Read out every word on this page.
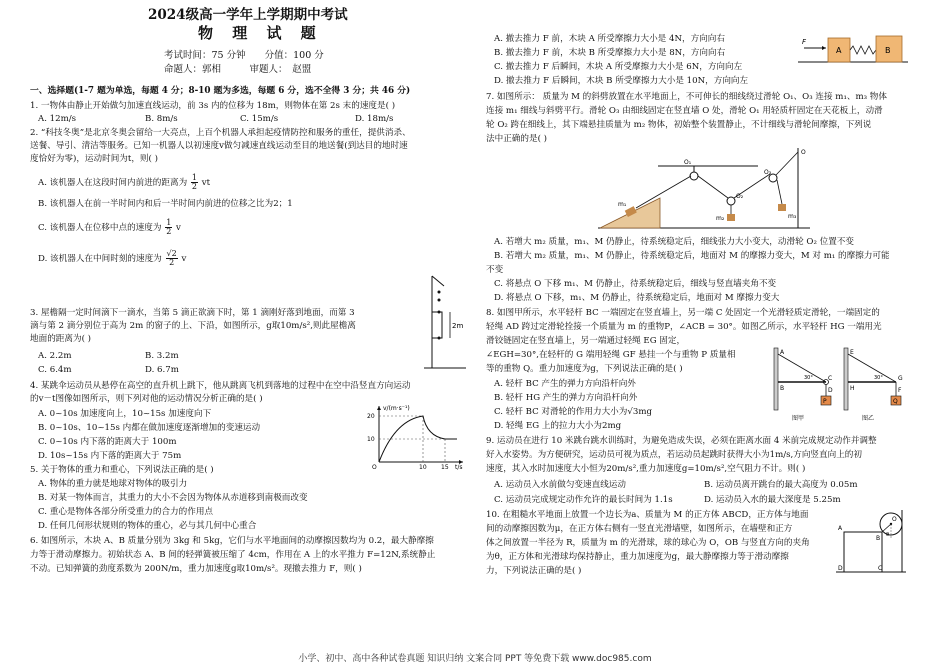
2024级高一学年上学期期中考试
物 理 试 题
考试时间：75 分钟　　分值：100 分
命题人：郭相　　　审题人：　赵盟
一、选择题(1-7 题为单选，每题 4 分；8-10 题为多选，每题 6 分，选不全得 3 分；共 46 分)
1. 一物体由静止开始做匀加速直线运动，前 3s 内的位移为 18m，则物体在第 2s 末的速度是( )
A. 12m/s	B. 8m/s	C. 15m/s	D. 18m/s
2. “科技冬奥”是北京冬奥会留给一大亮点，上百个机器人承担起疫情防控和服务的重任，提供消杀、
送餐、导引、清洁等服务。已知一机器人以初速度v做匀减速直线运动至目的地送餐(到达目的地时速
度恰好为零)，运动时间为t，则( )
A. 该机器人在这段时间内前进的距离为 $\frac{1}{2}$ vt
B. 该机器人在前一半时间内和后一半时间内前进的位移之比为2；1
C. 该机器人在位移中点的速度为 $\frac{1}{2}$ v
D. 该机器人在中间时刻的速度为 $\frac{√2}{2}$ v
2m
3. 屋檐隔一定时间滴下一滴水，当第 5 滴正欲滴下时，第 1 滴刚好落到地面，而第 3
滴与第 2 滴分别位于高为 2m 的窗子的上、下沿，如图所示，g取10m/s²,则此屋檐离
地面的距离为( )
A. 2.2m	B. 3.2m
C. 6.4m	D. 6.7m
4. 某跳伞运动员从悬停在高空的直升机上跳下，他从跳离飞机到落地的过程中在空中沿竖直方向运动
的v－t图像如图所示，则下列对他的运动情况分析正确的是( )
A. 0~10s 加速度向上，10~15s 加速度向下
B. 0~10s、10~15s 内都在做加速度逐渐增加的变速运动
C. 0~10s 内下落的距离大于 100m
D. 10s~15s 内下落的距离大于 75m
v/(m·s⁻¹)
20
10
O	10 15 t/s
5. 关于物体的重力和重心，下列说法正确的是( )
A. 物体的重力就是地球对物体的吸引力
B. 对某一物体而言，其重力的大小不会因为物体从赤道移到南极而改变
C. 重心是物体各部分所受重力的合力的作用点
D. 任何几何形状规则的物体的重心，必与其几何中心重合
6. 如图所示，木块 A、B 质量分别为 3kg 和 5kg，它们与水平地面间的动摩擦因数均为 0.2，最大静摩擦
力等于滑动摩擦力。初始状态 A、B 间的轻弹簧被压缩了 4cm，作用在 A 上的水平推力 F=12N,系统静止
不动。已知弹簧的劲度系数为 200N/m，重力加速度g取10m/s²。现撤去推力 F，则( )
A. 撤去推力 F 前，木块 A 所受摩擦力大小是 4N，方向向右
B. 撤去推力 F 前，木块 B 所受摩擦力大小是 8N，方向向右
C. 撤去推力 F 后瞬间，木块 A 所受摩擦力大小是 6N，方向向左
D. 撤去推力 F 后瞬间，木块 B 所受摩擦力大小是 10N，方向向左
F
A	B
7. 如图所示： 质量为 M 的斜劈放置在水平地面上，不可伸长的细线绕过滑轮 O₁、O₃ 连接 m₁、m₃ 物体
连接 m₁ 细线与斜劈平行。滑轮 O₃ 由细线固定在竖直墙 O 处，滑轮 O₁ 用轻质杆固定在天花板上，动滑
轮 O₂ 跨在细线上，其下端悬挂质量为 m₂ 物体，初始整个装置静止，不计细线与滑轮间摩擦，下列说
法中正确的是( )
O₁
O₂
O₃
O
m₁
m₂	m₃
A. 若增大 m₂ 质量，m₁、M 仍静止，待系统稳定后，细线张力大小变大，动滑轮 O₂ 位置不变
B. 若增大 m₂ 质量，m₁、M 仍静止，待系统稳定后，地面对 M 的摩擦力变大，M 对 m₁ 的摩擦力可能
不变
C. 将悬点 O 下移 m₁、M 仍静止，待系统稳定后，细线与竖直墙夹角不变
D. 将悬点 O 下移，m₁、M 仍静止，待系统稳定后，地面对 M 摩擦力变大
8. 如图甲所示，水平轻杆 BC 一端固定在竖直墙上，另一端 C 处固定一个光滑轻质定滑轮，一端固定的
轻绳 AD 跨过定滑轮拴接一个质量为 m 的重物P，∠ACB = 30°。如图乙所示，水平轻杆 HG 一端用光
滑铰链固定在竖直墙上，另一端通过轻绳 EG 固定，
∠EGH=30°,在轻杆的 G 端用轻绳 GF 悬挂一个与重物 P 质量相
等的重物 Q。重力加速度为g，下列说法正确的是( )
A. 轻杆 BC 产生的弹力方向沿杆向外
B. 轻杆 HG 产生的弹力方向沿杆向外
C. 轻杆 BC 对滑轮的作用力大小为√3mg
D. 轻绳 EG 上的拉力大小为2mg
A
B
C
D
P
30°
图甲
E
H
G
F
Q
30°
图乙
9. 运动员在进行 10 米跳台跳水训练时，为避免造成失误，必须在距离水面 4 米前完成规定动作并调整
好入水姿势。为方便研究，运动员可视为质点，若运动员起跳时获得大小为1m/s,方向竖直向上的初
速度，其入水时加速度大小恒为20m/s²,重力加速度g=10m/s²,空气阻力不计。则( )
A. 运动员入水前做匀变速直线运动	B. 运动员离开跳台的最大高度为 0.05m
C. 运动员完成规定动作允许的最长时间为 1.1s	D. 运动员入水的最大深度是 5.25m
10. 在粗糙水平地面上放置一个边长为a、质量为 M 的正方体 ABCD，正方体与地面
间的动摩擦因数为μ，在正方体右侧有一竖直光滑墙壁，如图所示，在墙壁和正方
体之间放置一半径为 R，质量为 m 的光滑球，球的球心为 O，OB 与竖直方向的夹角
为θ，正方体和光滑球均保持静止，重力加速度为g，最大静摩擦力等于滑动摩擦
力，下列说法正确的是( )
A
B
C
D
O
θ
小学、初中、高中各种试卷真题 知识归纳 文案合同 PPT 等免费下载 www.doc985.com
